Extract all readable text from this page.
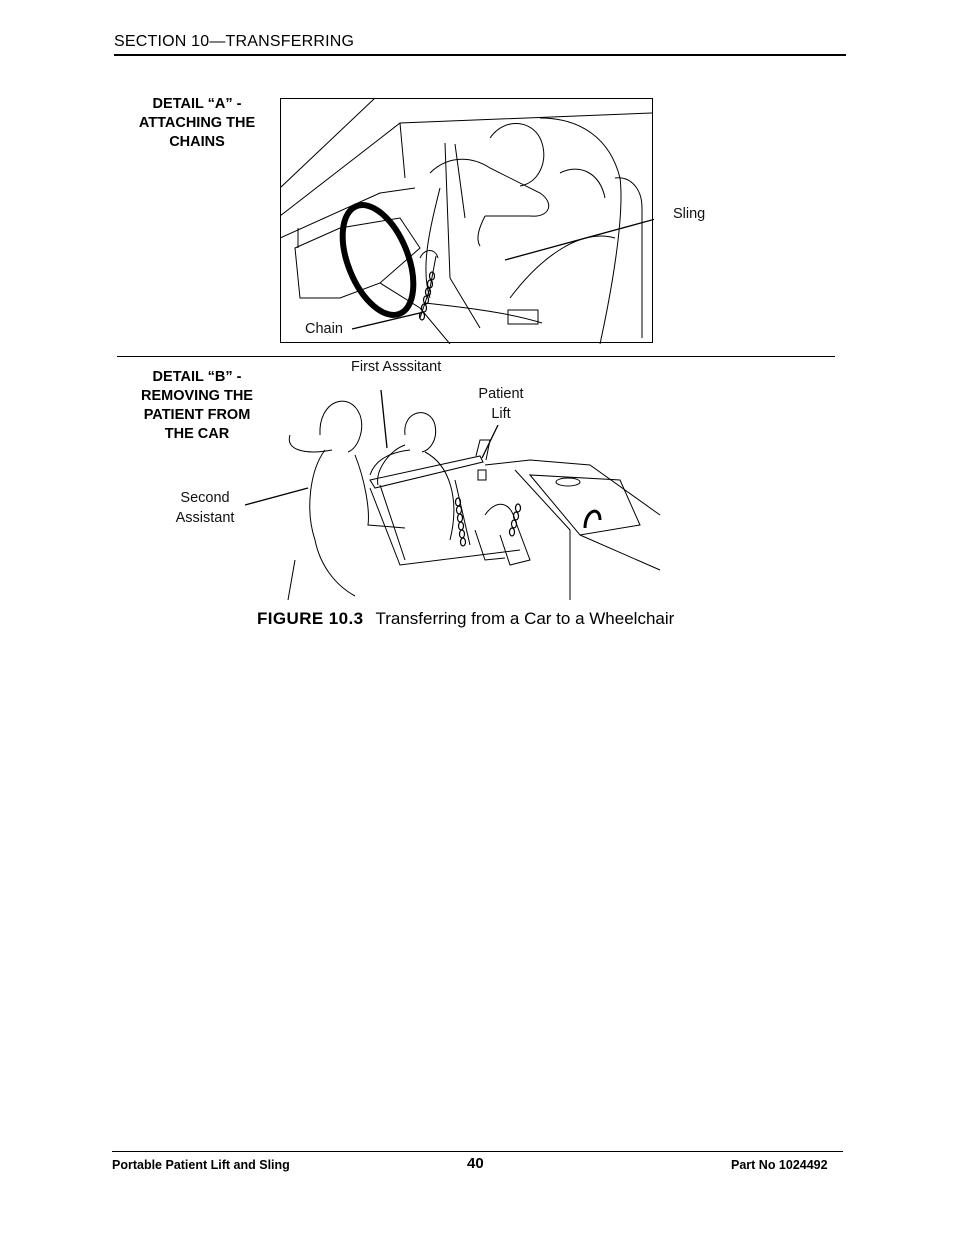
SECTION 10—TRANSFERRING
DETAIL “A” -
ATTACHING THE
CHAINS
Sling
Chain
DETAIL “B” -
REMOVING THE
PATIENT FROM
THE CAR
First Asssitant
Patient
Lift
Second
Assistant
FIGURE 10.3 Transferring from a Car to a Wheelchair
Portable Patient Lift and Sling	40	Part No 1024492
